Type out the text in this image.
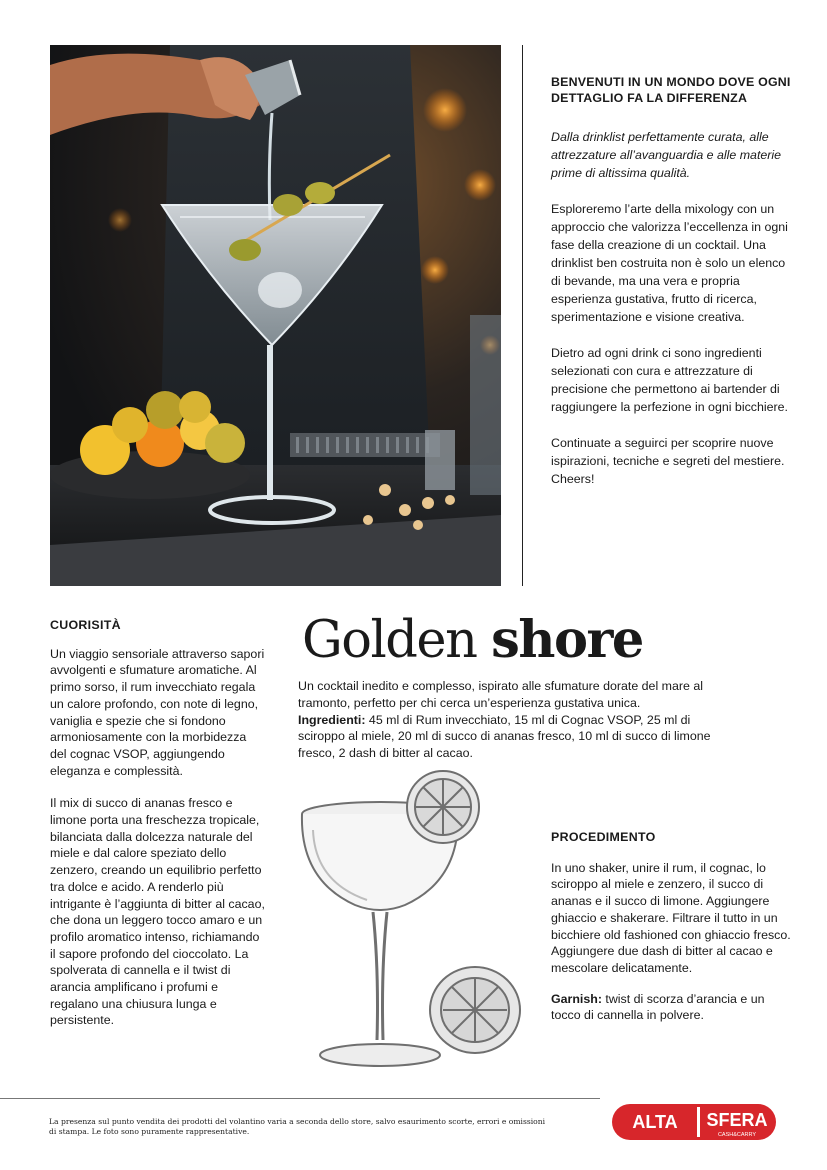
BENVENUTI IN UN MONDO DOVE OGNI DETTAGLIO FA LA DIFFERENZA

Dalla drinklist perfettamente curata, alle attrezzature all’avanguardia e alle materie prime di altissima qualità.

Esploreremo l’arte della mixology con un approccio che valorizza l’eccellenza in ogni fase della creazione di un cocktail. Una drinklist ben costruita non è solo un elenco di bevande, ma una vera e propria esperienza gustativa, frutto di ricerca, sperimentazione e visione creativa.

Dietro ad ogni drink ci sono ingredienti selezionati con cura e attrezzature di precisione che permettono ai bartender di raggiungere la perfezione in ogni bicchiere.

Continuate a seguirci per scoprire nuove ispirazioni, tecniche e segreti del mestiere. Cheers!

CUORISITÀ

Un viaggio sensoriale attraverso sapori avvolgenti e sfumature aromatiche. Al primo sorso, il rum invecchiato regala un calore profondo, con note di legno, vaniglia e spezie che si fondono armoniosamente con la morbidezza del cognac VSOP, aggiungendo eleganza e complessità.

Il mix di succo di ananas fresco e limone porta una freschezza tropicale, bilanciata dalla dolcezza naturale del miele e dal calore speziato dello zenzero, creando un equilibrio perfetto tra dolce e acido. A renderlo più intrigante è l’aggiunta di bitter al cacao, che dona un leggero tocco amaro e un profilo aromatico intenso, richiamando il sapore profondo del cioccolato. La spolverata di cannella e il twist di arancia amplificano i profumi e regalano una chiusura lunga e persistente.

Golden shore

Un cocktail inedito e complesso, ispirato alle sfumature dorate del mare al tramonto, perfetto per chi cerca un’esperienza gustativa unica.

Ingredienti: 45 ml di Rum invecchiato, 15 ml di Cognac VSOP, 25 ml di sciroppo al miele, 20 ml di succo di ananas fresco, 10 ml di succo di limone fresco, 2 dash di bitter al cacao.

PROCEDIMENTO

In uno shaker, unire il rum, il cognac, lo sciroppo al miele e zenzero, il succo di ananas e il succo di limone. Aggiungere ghiaccio e shakerare. Filtrare il tutto in un bicchiere old fashioned con ghiaccio fresco. Aggiungere due dash di bitter al cacao e mescolare delicatamente.

Garnish: twist di scorza d’arancia e un tocco di cannella in polvere.

La presenza sul punto vendita dei prodotti del volantino varia a seconda dello store, salvo esaurimento scorte, errori e omissioni di stampa. Le foto sono puramente rappresentative.	ALTA SFERA
CASH&CARRY
